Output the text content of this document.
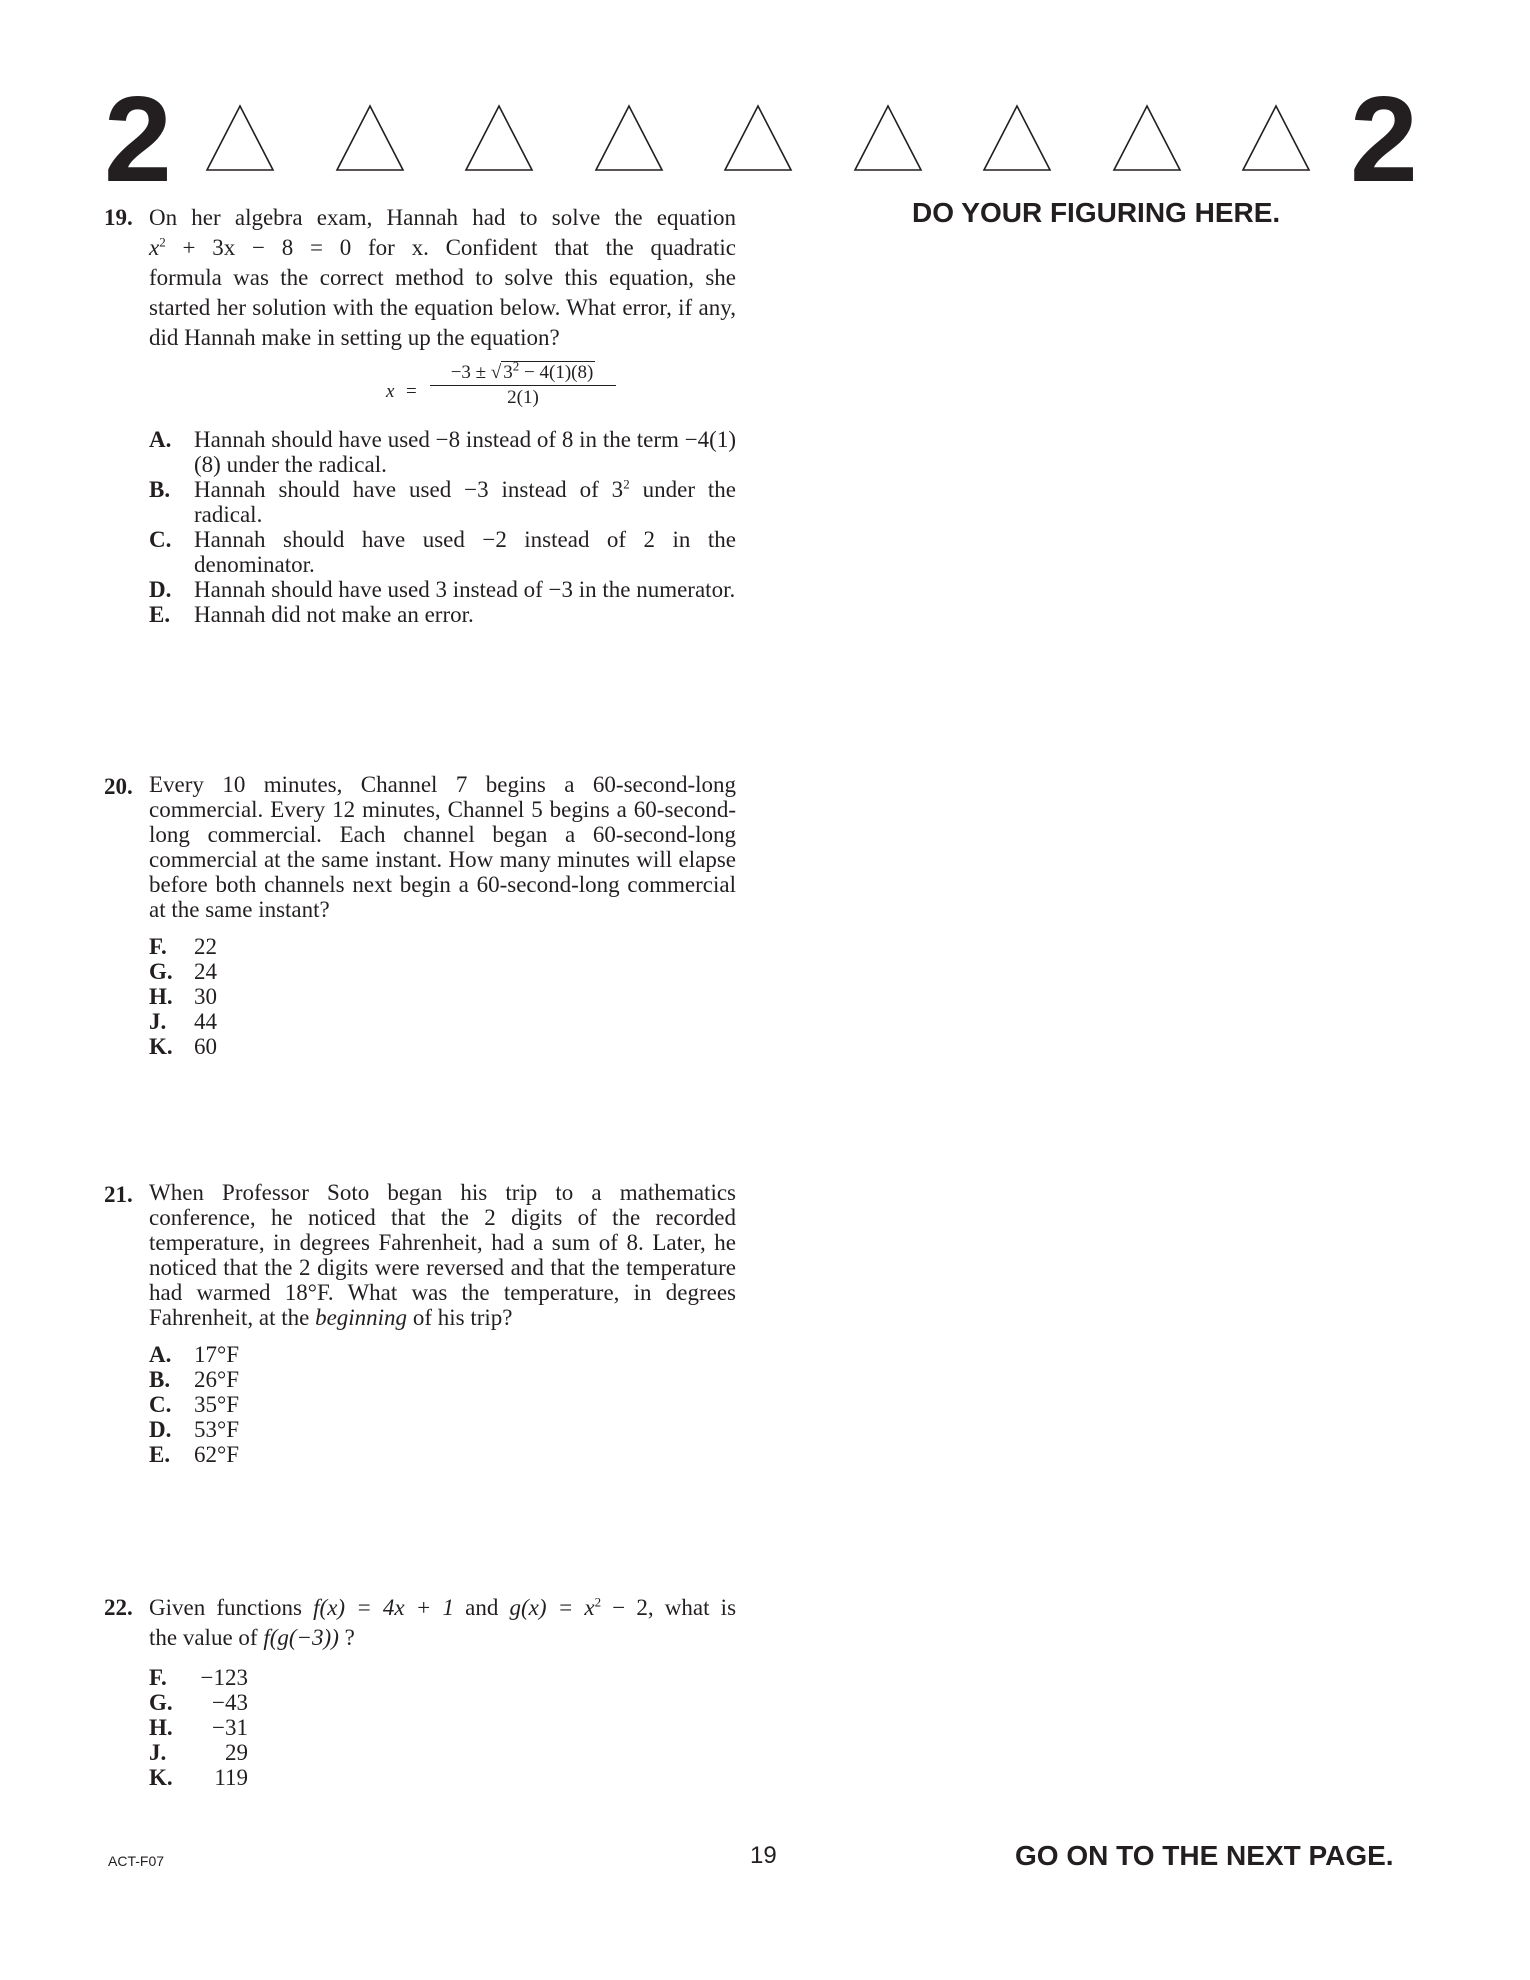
2	2
DO YOUR FIGURING HERE.
19. On her algebra exam, Hannah had to solve the equation

$x^2 + 3x - 8 = 0$ for x. Confident that the quadratic

formula was the correct method to solve this equation, she started her solution with the equation below. What error, if any, did Hannah make in setting up the equation?

x =
−3 ± √ $3^2 - 4(1)(8)$
2(1)
A. Hannah should have used −8 instead of 8 in the term −4(1)(8) under the radical.
B. Hannah should have used −3 instead of $3^2$ under the radical.
C. Hannah should have used −2 instead of 2 in the denominator.
D. Hannah should have used 3 instead of −3 in the numerator.
E. Hannah did not make an error.
20. Every 10 minutes, Channel 7 begins a 60-second-long commercial. Every 12 minutes, Channel 5 begins a 60-second-long commercial. Each channel began a 60-second-long commercial at the same instant. How many minutes will elapse before both channels next begin a 60-second-long commercial at the same instant?

F. 22
G. 24
H. 30
J. 44
K. 60
21. When Professor Soto began his trip to a mathematics conference, he noticed that the 2 digits of the recorded temperature, in degrees Fahrenheit, had a sum of 8. Later, he noticed that the 2 digits were reversed and that the temperature had warmed 18°F. What was the temperature, in degrees Fahrenheit, at the beginning of his trip?

A. 17°F
B. 26°F
C. 35°F
D. 53°F
E. 62°F
22. Given functions f(x) = 4x + 1 and $g(x) = x^2 - 2$, what is

the value of f(g(−3)) ?

F. −123
G.	−43
H.	−31
J.	29
K.	119
ACT-F07	19	GO ON TO THE NEXT PAGE.
